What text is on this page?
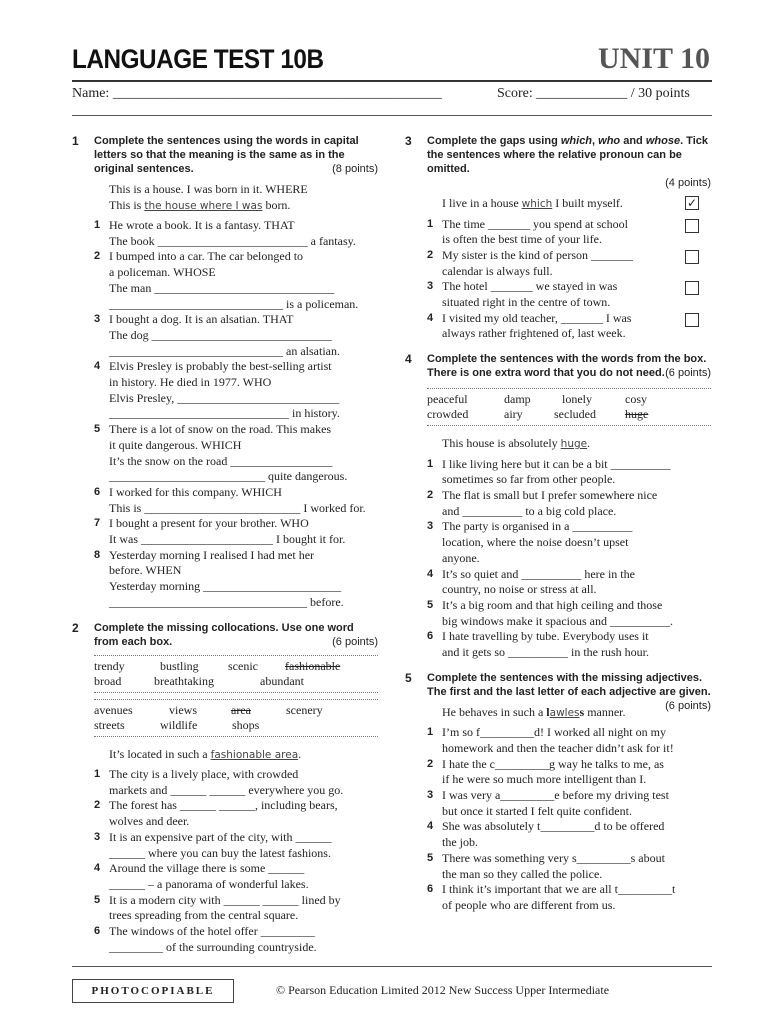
LANGUAGE TEST 10B	UNIT 10
Name: _______________________________________________	Score: _____________ / 30 points
1 Complete the sentences using the words in capital letters so that the meaning is the same as in the original sentences.	(8 points)
This is a house. I was born in it. WHERE
This is the house where I was born.
1 He wrote a book. It is a fantasy. THAT
The book _________________________ a fantasy.
2 I bumped into a car. The car belonged to
a policeman. WHOSE
The man ______________________________
_____________________________ is a policeman.
3 I bought a dog. It is an alsatian. THAT
The dog ______________________________
_____________________________ an alsatian.
4 Elvis Presley is probably the best-selling artist
in history. He died in 1977. WHO
Elvis Presley, ___________________________
______________________________ in history.
5 There is a lot of snow on the road. This makes
it quite dangerous. WHICH
It’s the snow on the road _________________
__________________________ quite dangerous.
6 I worked for this company. WHICH
This is __________________________ I worked for.
7 I bought a present for your brother. WHO
It was ______________________ I bought it for.
8 Yesterday morning I realised I had met her
before. WHEN
Yesterday morning _______________________
_________________________________ before.
2 Complete the missing collocations. Use one word from each box.	(6 points)
trendy	bustling	scenic	fashionable
broad	breathtaking	abundant
avenues	views	area	scenery
streets	wildlife	shops
It’s located in such a fashionable area.
1 The city is a lively place, with crowded
markets and ______ ______ everywhere you go.
2 The forest has ______ ______, including bears,
wolves and deer.
3 It is an expensive part of the city, with ______
______ where you can buy the latest fashions.
4 Around the village there is some ______
______ – a panorama of wonderful lakes.
5 It is a modern city with ______ ______ lined by
trees spreading from the central square.
6 The windows of the hotel offer _________
_________ of the surrounding countryside.
3 Complete the gaps using which, who and whose. Tick the sentences where the relative pronoun can be omitted.
(4 points)
I live in a house which I built myself.	✓
1 The time _______ you spend at school
is often the best time of your life.
2 My sister is the kind of person _______
calendar is always full.
3 The hotel _______ we stayed in was
situated right in the centre of town.
4 I visited my old teacher, _______ I was
always rather frightened of, last week.
4 Complete the sentences with the words from the box. There is one extra word that you do not need. (6 points)
peaceful	damp	lonely	cosy
crowded	airy	secluded	huge
This house is absolutely huge.
1 I like living here but it can be a bit __________
sometimes so far from other people.
2 The flat is small but I prefer somewhere nice
and __________ to a big cold place.
3 The party is organised in a __________
location, where the noise doesn’t upset
anyone.
4 It’s so quiet and __________ here in the
country, no noise or stress at all.
5 It’s a big room and that high ceiling and those
big windows make it spacious and __________.
6 I hate travelling by tube. Everybody uses it
and it gets so __________ in the rush hour.
5 Complete the sentences with the missing adjectives. The first and the last letter of each adjective are given.
(6 points)
He behaves in such a lawless manner.
1 I’m so f_________d! I worked all night on my
homework and then the teacher didn’t ask for it!
2 I hate the c_________g way he talks to me, as
if he were so much more intelligent than I.
3 I was very a_________e before my driving test
but once it started I felt quite confident.
4 She was absolutely t_________d to be offered
the job.
5 There was something very s_________s about
the man so they called the police.
6 I think it’s important that we are all t_________t
of people who are different from us.
PHOTOCOPIABLE	© Pearson Education Limited 2012 New Success Upper Intermediate
